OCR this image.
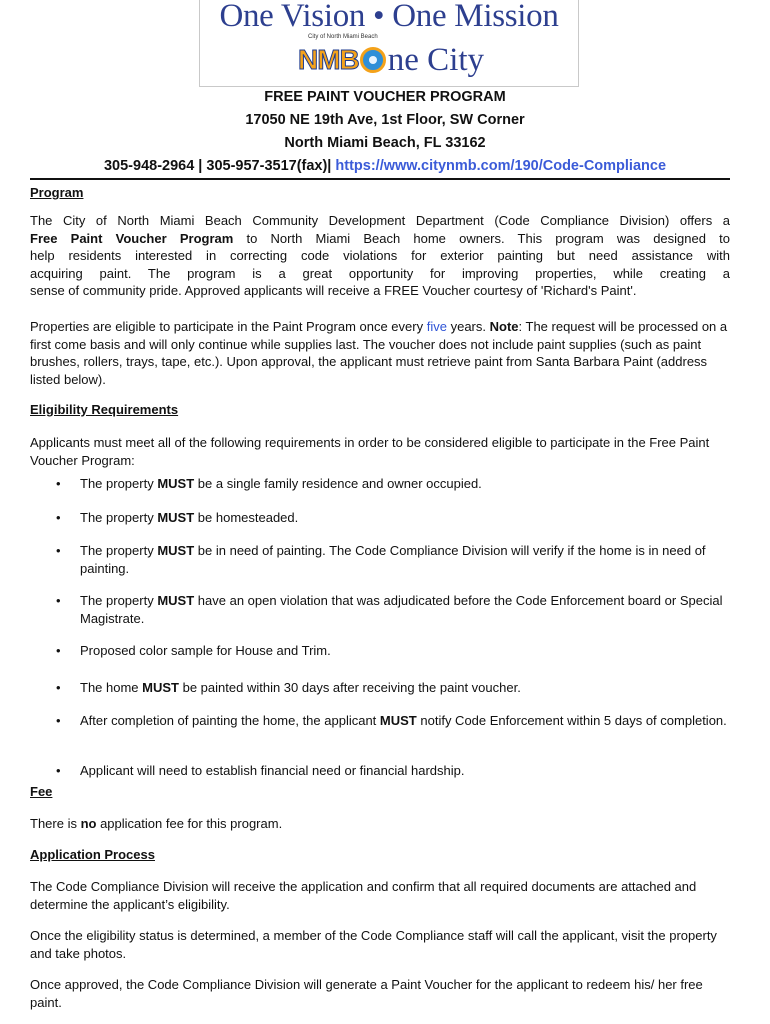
One Vision • One Mission
City of North Miami Beach
NM B ne City
FREE PAINT VOUCHER PROGRAM
17050 NE 19th Ave, 1st Floor, SW Corner
North Miami Beach, FL 33162
305-948-2964 | 305-957-3517(fax)| https://www.citynmb.com/190/Code-Compliance
Program
The City of North Miami Beach Community Development Department (Code Compliance Division) offers a
Free Paint Voucher Program to North Miami Beach home owners. This program was designed to
help residents interested in correcting code violations for exterior painting but need assistance with
acquiring paint. The program is a great opportunity for improving properties, while creating a
sense of community pride. Approved applicants will receive a FREE Voucher courtesy of 'Richard's Paint'.
Properties are eligible to participate in the Paint Program once every five years. Note: The request will be processed on a first come basis and will only continue while supplies last. The voucher does not include paint supplies (such as paint brushes, rollers, trays, tape, etc.). Upon approval, the applicant must retrieve paint from Santa Barbara Paint (address listed below).
Eligibility Requirements
Applicants must meet all of the following requirements in order to be considered eligible to participate in the Free Paint Voucher Program:
• The property MUST be a single family residence and owner occupied.
• The property MUST be homesteaded.
• The property MUST be in need of painting. The Code Compliance Division will verify if the home is in need of painting.
• The property MUST have an open violation that was adjudicated before the Code Enforcement board or Special Magistrate.
• Proposed color sample for House and Trim.
• The home MUST be painted within 30 days after receiving the paint voucher.
• After completion of painting the home, the applicant MUST notify Code Enforcement within 5 days of completion.
• Applicant will need to establish financial need or financial hardship.
Fee
There is no application fee for this program.
Application Process
The Code Compliance Division will receive the application and confirm that all required documents are attached and determine the applicant’s eligibility.
Once the eligibility status is determined, a member of the Code Compliance staff will call the applicant, visit the property and take photos.
Once approved, the Code Compliance Division will generate a Paint Voucher for the applicant to redeem his/ her free paint.
